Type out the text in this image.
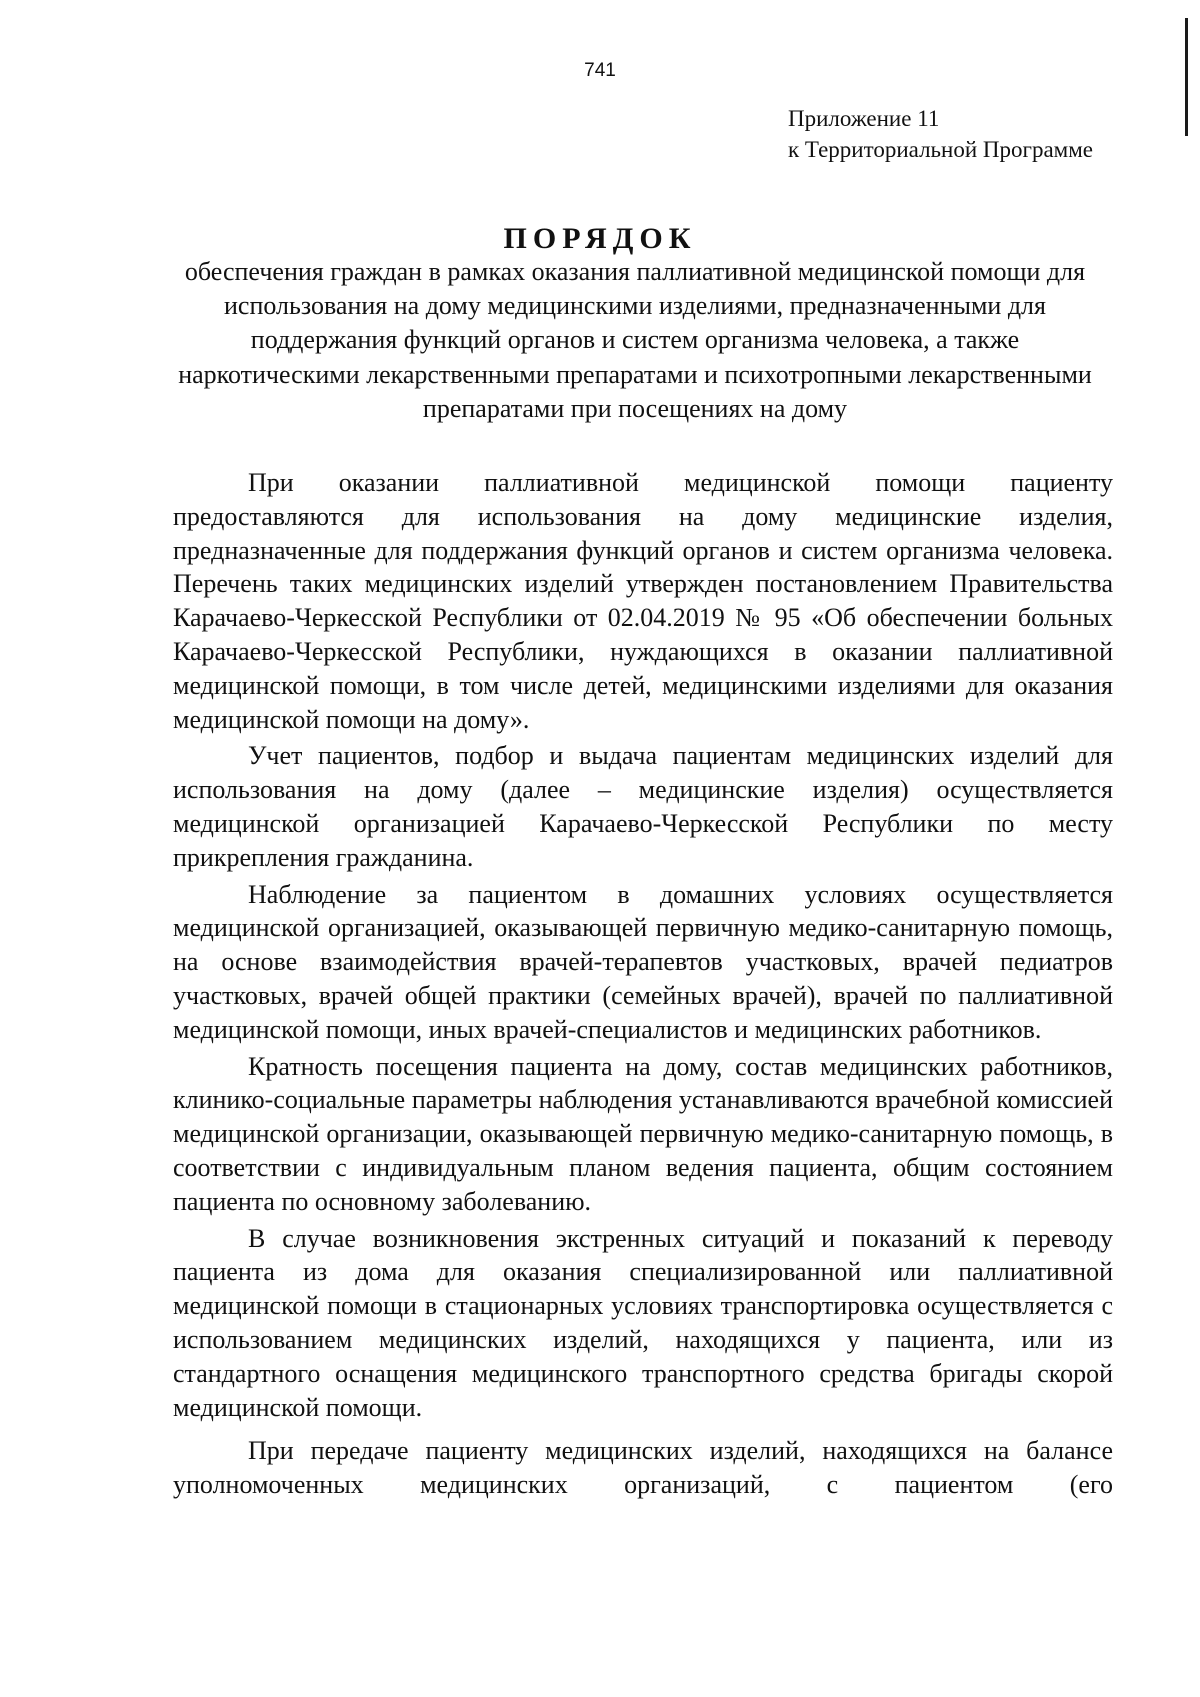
741
Приложение 11
к Территориальной Программе
ПОРЯДОК
обеспечения граждан в рамках оказания паллиативной медицинской помощи для использования на дому медицинскими изделиями, предназначенными для поддержания функций органов и систем организма человека, а также наркотическими лекарственными препаратами и психотропными лекарственными препаратами при посещениях на дому

При оказании паллиативной медицинской помощи пациенту предоставляются для использования на дому медицинские изделия, предназначенные для поддержания функций органов и систем организма человека. Перечень таких медицинских изделий утвержден постановлением Правительства Карачаево-Черкесской Республики от 02.04.2019 № 95 «Об обеспечении больных Карачаево-Черкесской Республики, нуждающихся в оказании паллиативной медицинской помощи, в том числе детей, медицинскими изделиями для оказания медицинской помощи на дому».

Учет пациентов, подбор и выдача пациентам медицинских изделий для использования на дому (далее – медицинские изделия) осуществляется медицинской организацией Карачаево-Черкесской Республики по месту прикрепления гражданина.

Наблюдение за пациентом в домашних условиях осуществляется медицинской организацией, оказывающей первичную медико-санитарную помощь, на основе взаимодействия врачей-терапевтов участковых, врачей педиатров участковых, врачей общей практики (семейных врачей), врачей по паллиативной медицинской помощи, иных врачей-специалистов и медицинских работников.

Кратность посещения пациента на дому, состав медицинских работников, клинико-социальные параметры наблюдения устанавливаются врачебной комиссией медицинской организации, оказывающей первичную медико-санитарную помощь, в соответствии с индивидуальным планом ведения пациента, общим состоянием пациента по основному заболеванию.

В случае возникновения экстренных ситуаций и показаний к переводу пациента из дома для оказания специализированной или паллиативной медицинской помощи в стационарных условиях транспортировка осуществляется с использованием медицинских изделий, находящихся у пациента, или из стандартного оснащения медицинского транспортного средства бригады скорой медицинской помощи.

При передаче пациенту медицинских изделий, находящихся на балансе уполномоченных медицинских организаций, с пациентом (его
